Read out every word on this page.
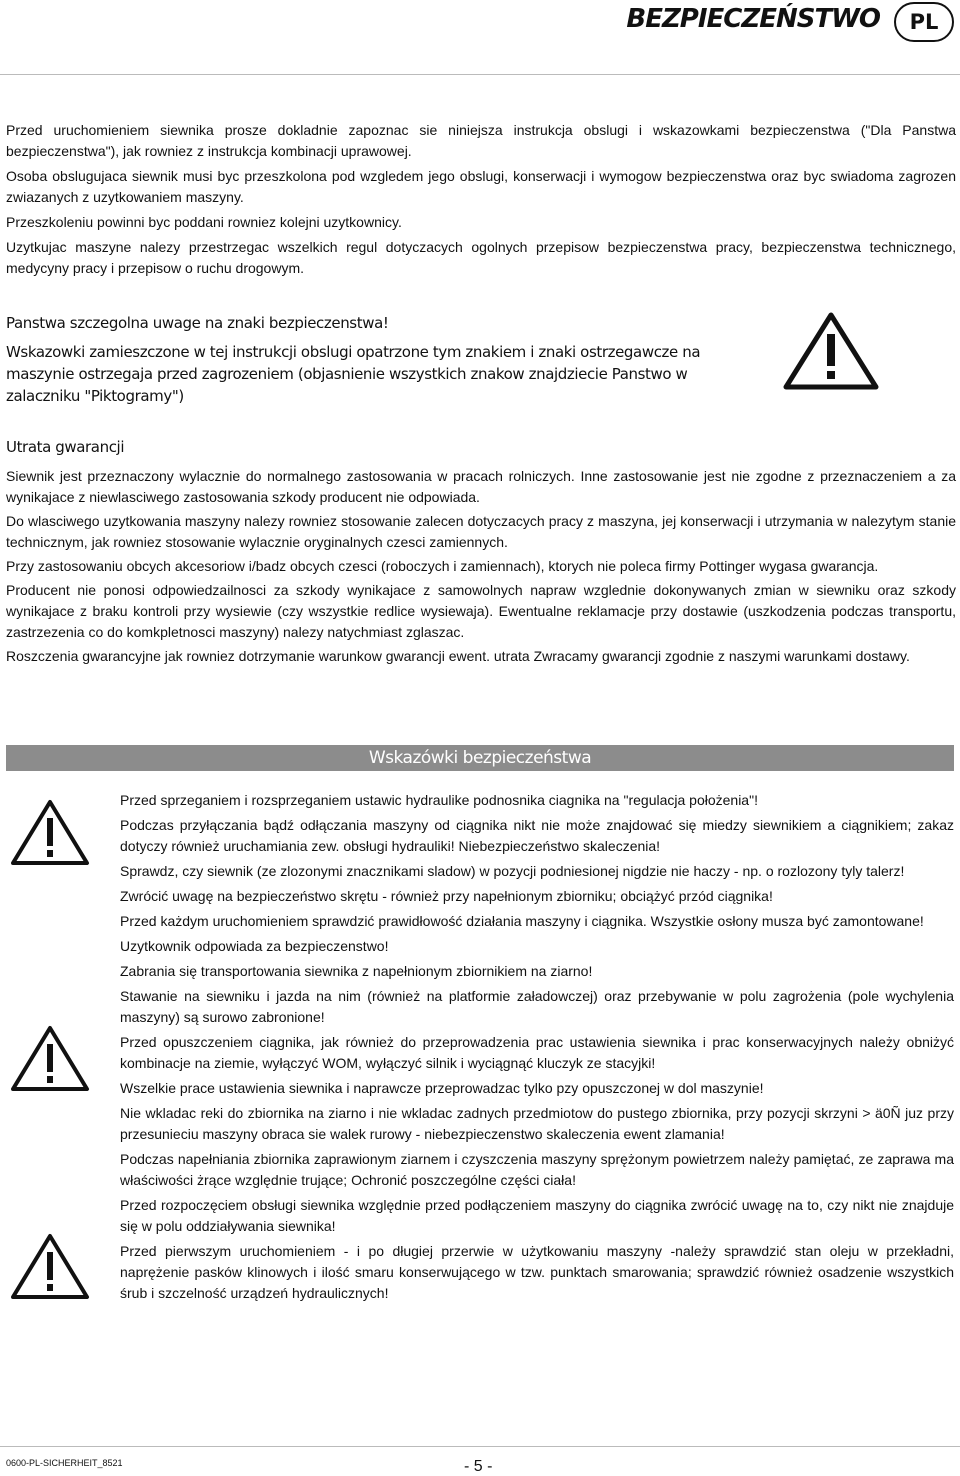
BEZPIECZEŃSTWO	PL

Przed uruchomieniem siewnika prosze dokladnie zapoznac sie niniejsza instrukcja obslugi i wskazowkami bezpieczenstwa ("Dla Panstwa bezpieczenstwa"), jak rowniez z instrukcja kombinacji uprawowej.

Osoba obslugujaca siewnik musi byc przeszkolona pod wzgledem jego obslugi, konserwacji i wymogow bezpieczenstwa oraz byc swiadoma zagrozen zwiazanych z uzytkowaniem maszyny.

Przeszkoleniu powinni byc poddani rowniez kolejni uzytkownicy.

Uzytkujac maszyne nalezy przestrzegac wszelkich regul dotyczacych ogolnych przepisow bezpieczenstwa pracy, bezpieczenstwa technicznego, medycyny pracy i przepisow o ruchu drogowym.

Panstwa szczegolna uwage na znaki bezpieczenstwa!

Wskazowki zamieszczone w tej instrukcji obslugi opatrzone tym znakiem i znaki ostrzegawcze na maszynie ostrzegaja przed zagrozeniem (objasnienie wszystkich znakow znajdziecie Panstwo w zalaczniku "Piktogramy")

Utrata gwarancji

Siewnik jest przeznaczony wylacznie do normalnego zastosowania w pracach rolniczych. Inne zastosowanie jest nie zgodne z przeznaczeniem a za wynikajace z niewlasciwego zastosowania szkody producent nie odpowiada.

Do wlasciwego uzytkowania maszyny nalezy rowniez stosowanie zalecen dotyczacych pracy z maszyna, jej konserwacji i utrzymania w nalezytym stanie technicznym, jak rowniez stosowanie wylacznie oryginalnych czesci zamiennych.

Przy zastosowaniu obcych akcesoriow i/badz obcych czesci (roboczych i zamiennach), ktorych nie poleca firmy Pottinger wygasa gwarancja.

Producent nie ponosi odpowiedzailnosci za szkody wynikajace z samowolnych napraw wzglednie dokonywanych zmian w siewniku oraz szkody wynikajace z braku kontroli przy wysiewie (czy wszystkie redlice wysiewaja). Ewentualne reklamacje przy dostawie (uszkodzenia podczas transportu, zastrzezenia co do komkpletnosci maszyny) nalezy natychmiast zglaszac.

Roszczenia gwarancyjne jak rowniez dotrzymanie warunkow gwarancji ewent. utrata Zwracamy gwarancji zgodnie z naszymi warunkami dostawy.

Wskazówki bezpieczeństwa

Przed sprzeganiem i rozsprzeganiem ustawic hydraulike podnosnika ciagnika na "regulacja położenia"!

Podczas przyłączania bądź odłączania maszyny od ciągnika nikt nie może znajdować się miedzy siewnikiem a ciągnikiem; zakaz dotyczy również uruchamiania zew. obsługi hydrauliki! Niebezpieczeństwo skaleczenia!

Sprawdz, czy siewnik (ze zlozonymi znacznikami sladow) w pozycji podniesionej nigdzie nie haczy - np. o rozlozony tyly talerz!

Zwrócić uwagę na bezpieczeństwo skrętu - również przy napełnionym zbiorniku; obciążyć przód ciągnika!

Przed każdym uruchomieniem sprawdzić prawidłowość działania maszyny i ciągnika. Wszystkie osłony musza być zamontowane!

Uzytkownik odpowiada za bezpieczenstwo!

Zabrania się transportowania siewnika z napełnionym zbiornikiem na ziarno!

Stawanie na siewniku i jazda na nim (również na platformie załadowczej) oraz przebywanie w polu zagrożenia (pole wychylenia maszyny) są surowo zabronione!

Przed opuszczeniem ciągnika, jak również do przeprowadzenia prac ustawienia siewnika i prac konserwacyjnych należy obniżyć kombinacje na ziemie, wyłączyć WOM, wyłączyć silnik i wyciągnąć kluczyk ze stacyjki!

Wszelkie prace ustawienia siewnika i naprawcze przeprowadzac tylko pzy opuszczonej w dol maszynie!

Nie wkladac reki do zbiornika na ziarno i nie wkladac zadnych przedmiotow do pustego zbiornika, przy pozycji skrzyni > ä0Ñ juz przy przesunieciu maszyny obraca sie walek rurowy - niebezpieczenstwo skaleczenia ewent zlamania!

Podczas napełniania zbiornika zaprawionym ziarnem i czyszczenia maszyny sprężonym powietrzem należy pamiętać, ze zaprawa ma właściwości żrące względnie trujące; Ochronić poszczególne części ciała!

Przed rozpoczęciem obsługi siewnika względnie przed podłączeniem maszyny do ciągnika zwrócić uwagę na to, czy nikt nie znajduje się w polu oddziaływania siewnika!

Przed pierwszym uruchomieniem - i po długiej przerwie w użytkowaniu maszyny -należy sprawdzić stan oleju w przekładni, naprężenie pasków klinowych i ilość smaru konserwującego w tzw. punktach smarowania; sprawdzić również osadzenie wszystkich śrub i szczelność urządzeń hydraulicznych!

0600-PL-SICHERHEIT_8521	- 5 -
